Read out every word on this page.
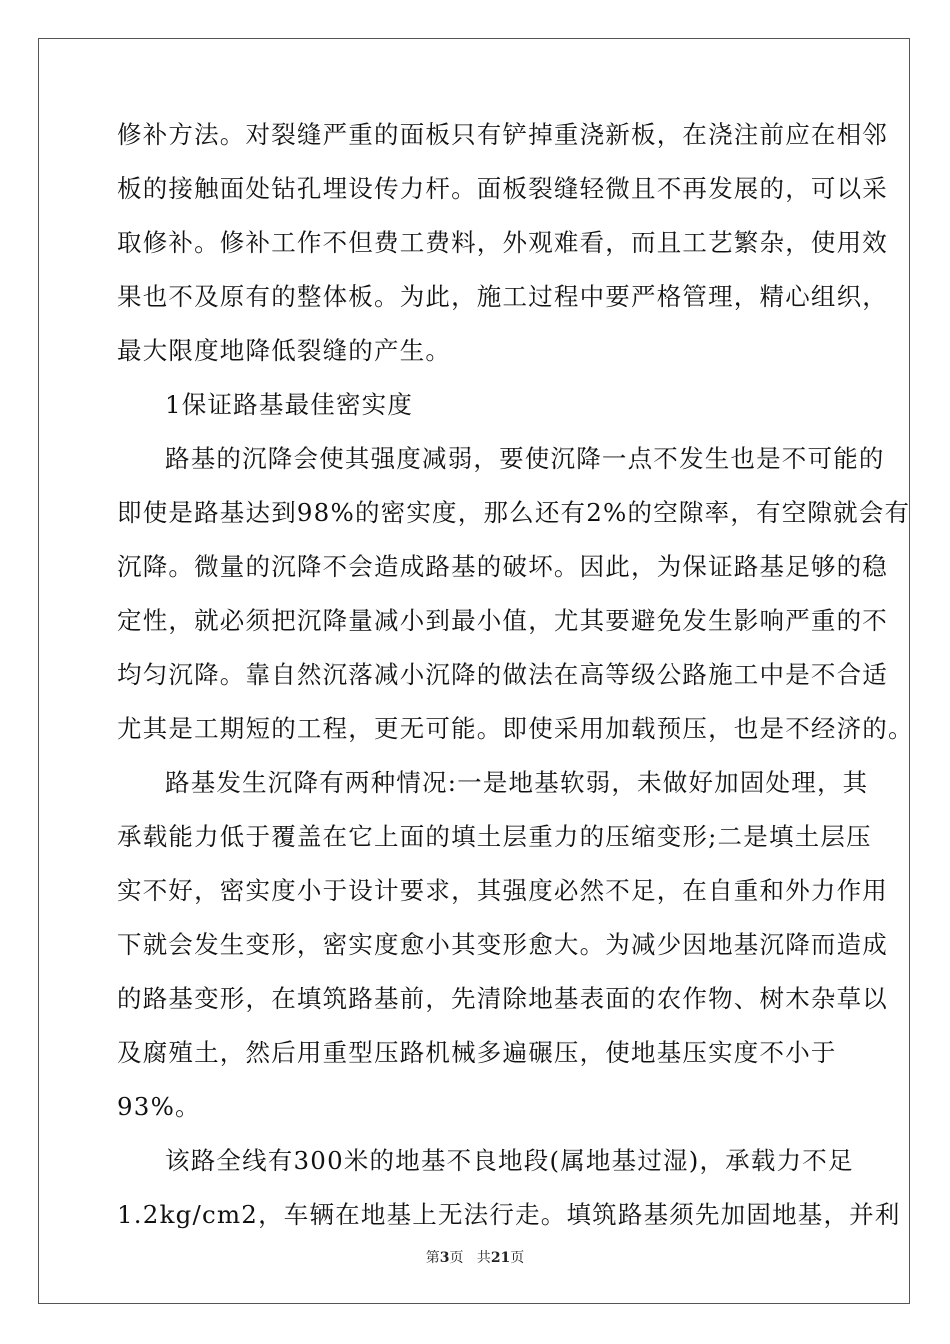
修补方法。对裂缝严重的面板只有铲掉重浇新板，在浇注前应在相邻
板的接触面处钻孔埋设传力杆。面板裂缝轻微且不再发展的，可以采
取修补。修补工作不但费工费料，外观难看，而且工艺繁杂，使用效
果也不及原有的整体板。为此，施工过程中要严格管理，精心组织，
最大限度地降低裂缝的产生。
1保证路基最佳密实度
路基的沉降会使其强度减弱，要使沉降一点不发生也是不可能的
即使是路基达到98%的密实度，那么还有2%的空隙率，有空隙就会有
沉降。微量的沉降不会造成路基的破坏。因此，为保证路基足够的稳
定性，就必须把沉降量减小到最小值，尤其要避免发生影响严重的不
均匀沉降。靠自然沉落减小沉降的做法在高等级公路施工中是不合适
尤其是工期短的工程，更无可能。即使采用加载预压，也是不经济的。
路基发生沉降有两种情况:一是地基软弱，未做好加固处理，其
承载能力低于覆盖在它上面的填土层重力的压缩变形;二是填土层压
实不好，密实度小于设计要求，其强度必然不足，在自重和外力作用
下就会发生变形，密实度愈小其变形愈大。为减少因地基沉降而造成
的路基变形，在填筑路基前，先清除地基表面的农作物、树木杂草以
及腐殖土，然后用重型压路机械多遍碾压，使地基压实度不小于
93%。
该路全线有300米的地基不良地段(属地基过湿)，承载力不足
1.2kg/cm2，车辆在地基上无法行走。填筑路基须先加固地基，并利
第3页 共21页
